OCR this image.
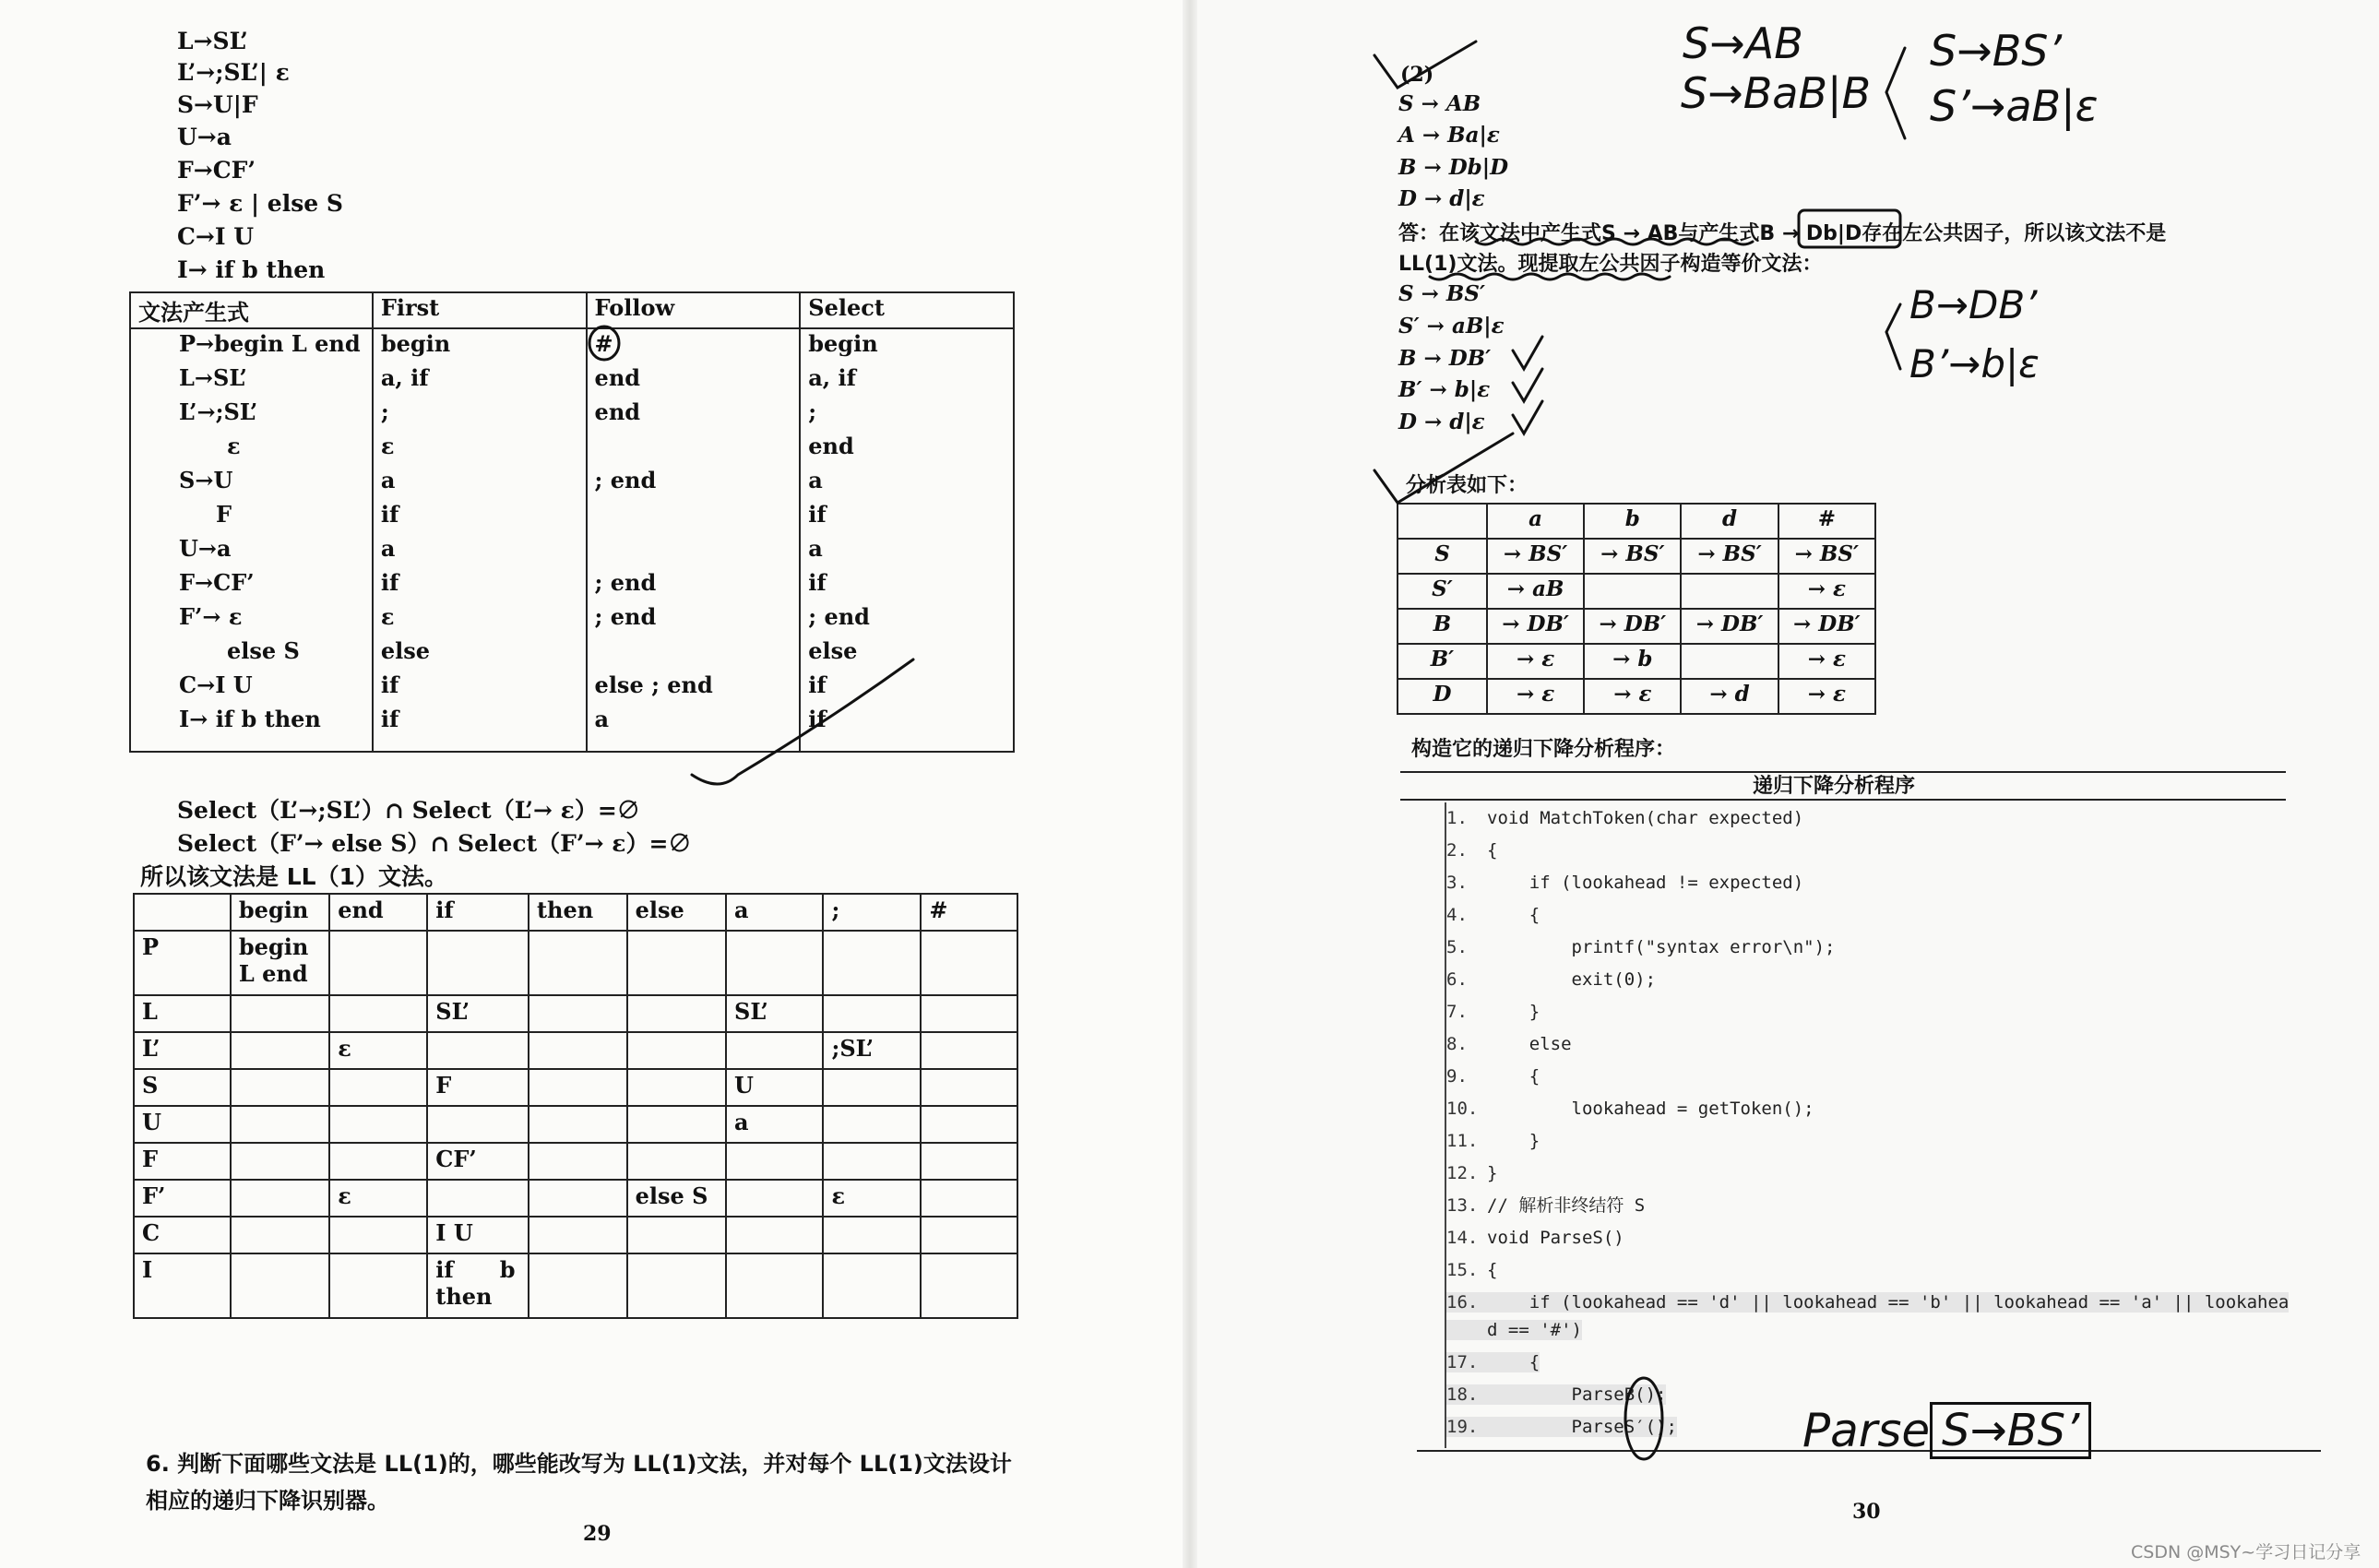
L→SL’
L’→;SL’| ε
S→U|F
U→a
F→CF’
F’→ ε | else S
C→I U
I→ if b then
文法产生式	First	Follow	Select
P→begin L end	begin	#	begin
L→SL’	a, if	end	a, if
L’→;SL’	;	end	;
ε	ε		end
S→U	a	; end	a
F	if		if
U→a	a		a
F→CF’	if	; end	if
F’→ ε	ε	; end	; end
else S	else		else
C→I U	if	else ; end	if
I→ if b then	if	a	if
Select（L’→;SL’）∩ Select（L’→ ε）=∅
Select（F’→ else S）∩ Select（F’→ ε）=∅
所以该文法是 LL（1）文法。
	begin	end	if	then	else	a	;	#
P	begin
L end							
L			SL’			SL’		
L’		ε					;SL’	
S			F			U		
U						a		
F			CF’					
F’		ε			else S		ε	
C			I U					
I			if      b
then					
6. 判断下面哪些文法是 LL(1)的，哪些能改写为 LL(1)文法，并对每个 LL(1)文法设计
相应的递归下降识别器。
29
(2)
S → AB
A → Ba|ε
B → Db|D
D → d|ε
答：在该文法中产生式S → AB与产生式B → Db|D存在左公共因子，所以该文法不是
LL(1)文法。现提取左公共因子构造等价文法：
S → BS′
S′ → aB|ε
B → DB′
B′ → b|ε
D → d|ε
分析表如下：
	a	b	d	#
S	→ BS′	→ BS′	→ BS′	→ BS′
S′	→ aB			→ ε
B	→ DB′	→ DB′	→ DB′	→ DB′
B′	→ ε	→ b		→ ε
D	→ ε	→ ε	→ d	→ ε
构造它的递归下降分析程序：
递归下降分析程序
1. void MatchToken(char expected)
2. {
3.    if (lookahead != expected)
4.    {
5.        printf("syntax error\n");
6.        exit(0);
7.    }
8.    else
9.    {
10.        lookahead = getToken();
11.    }
12. }
13. // 解析非终结符 S
14. void ParseS()
15. {
16.    if (lookahead == 'd' || lookahead == 'b' || lookahead == 'a' || lookahea
d == '#')
17.    {
18.        ParseB();
19.        ParseS′();
30
S→AB
S→BaB|B
S→BS’
S’→aB|ε
B→DB’
B’→b|ε
Parse S→BS’
CSDN @MSY~学习日记分享
